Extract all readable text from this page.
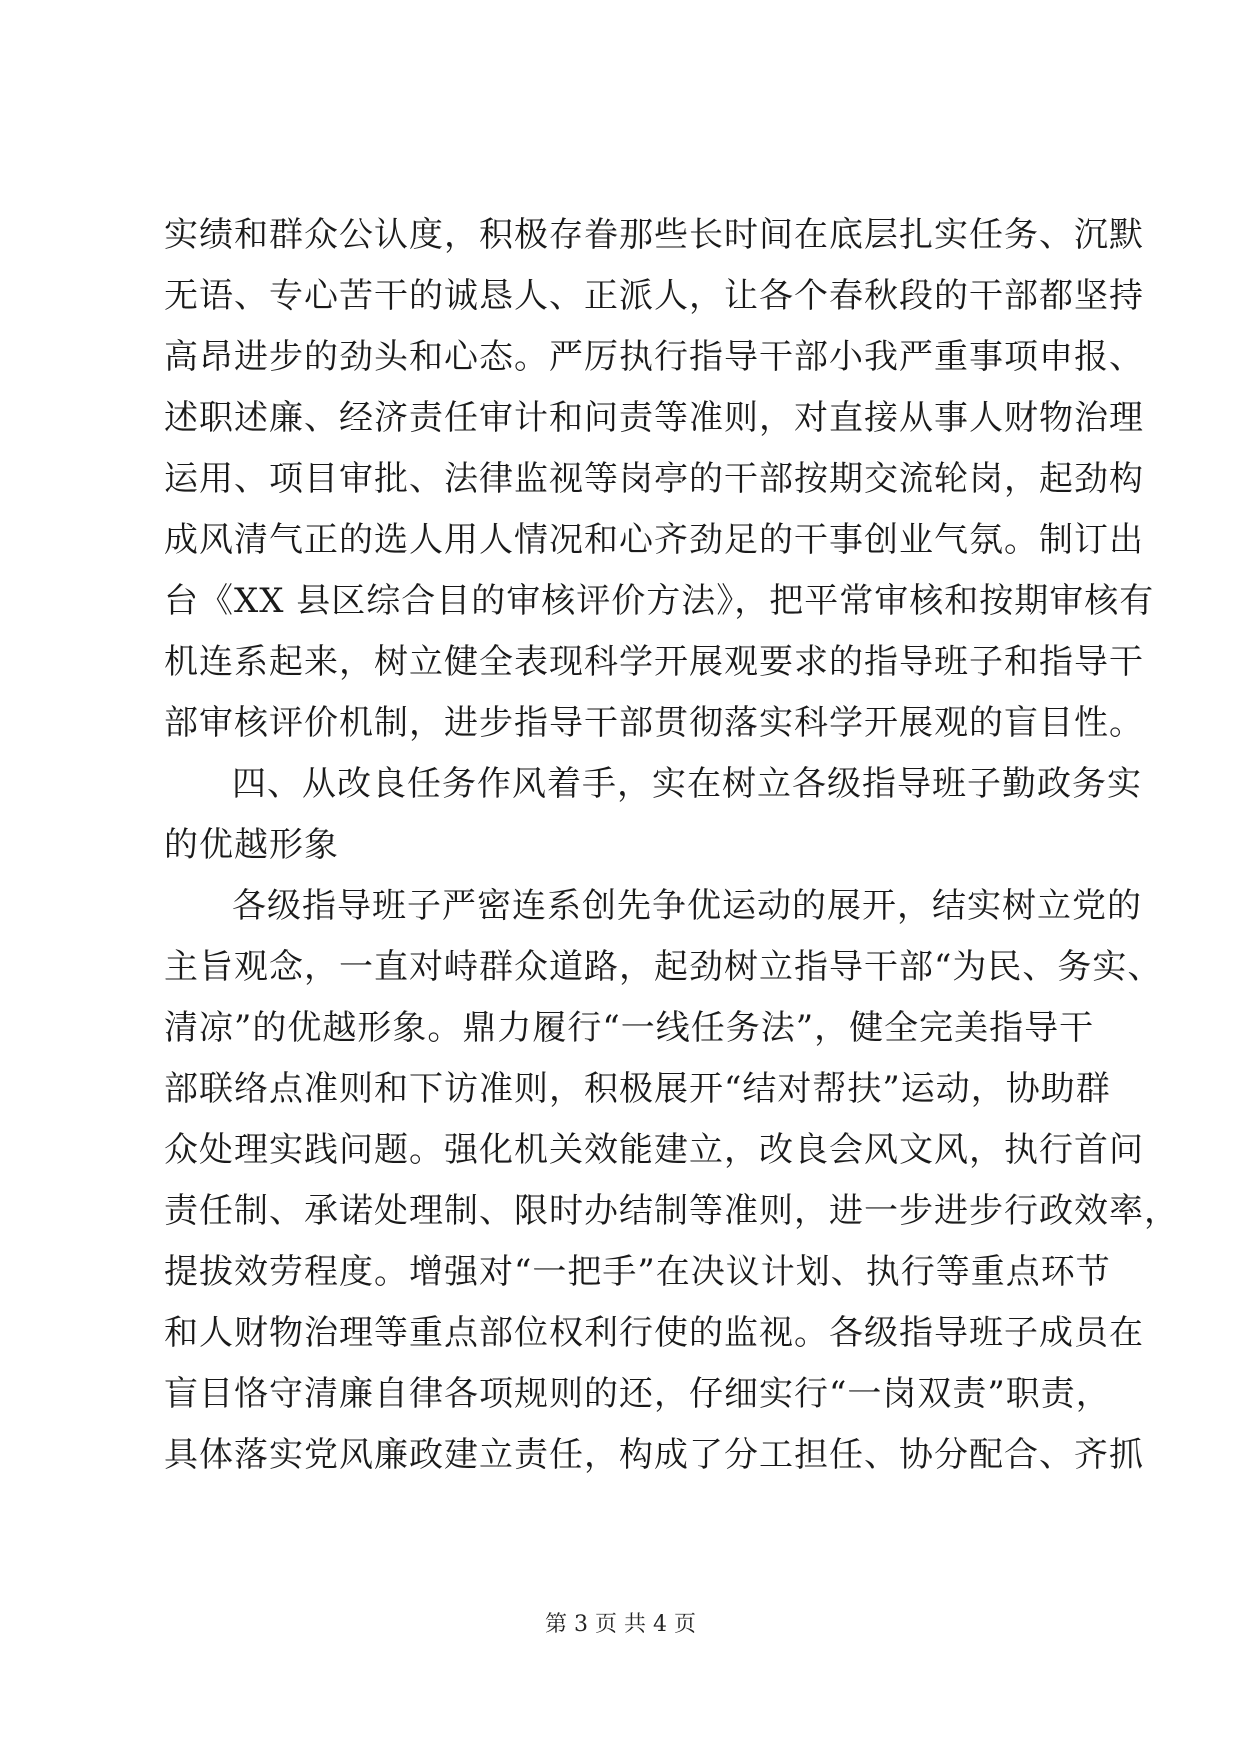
实绩和群众公认度，积极存眷那些长时间在底层扎实任务、沉默
无语、专心苦干的诚恳人、正派人，让各个春秋段的干部都坚持
高昂进步的劲头和心态。严厉执行指导干部小我严重事项申报、
述职述廉、经济责任审计和问责等准则，对直接从事人财物治理
运用、项目审批、法律监视等岗亭的干部按期交流轮岗，起劲构
成风清气正的选人用人情况和心齐劲足的干事创业气氛。制订出
台《XX 县区综合目的审核评价方法》，把平常审核和按期审核有
机连系起来，树立健全表现科学开展观要求的指导班子和指导干
部审核评价机制，进步指导干部贯彻落实科学开展观的盲目性。
四、从改良任务作风着手，实在树立各级指导班子勤政务实
的优越形象
各级指导班子严密连系创先争优运动的展开，结实树立党的
主旨观念，一直对峙群众道路，起劲树立指导干部“为民、务实、
清凉”的优越形象。鼎力履行“一线任务法”，健全完美指导干
部联络点准则和下访准则，积极展开“结对帮扶”运动，协助群
众处理实践问题。强化机关效能建立，改良会风文风，执行首问
责任制、承诺处理制、限时办结制等准则，进一步进步行政效率，
提拔效劳程度。增强对“一把手”在决议计划、执行等重点环节
和人财物治理等重点部位权利行使的监视。各级指导班子成员在
盲目恪守清廉自律各项规则的还，仔细实行“一岗双责”职责，
具体落实党风廉政建立责任，构成了分工担任、协分配合、齐抓
第 3 页 共 4 页
